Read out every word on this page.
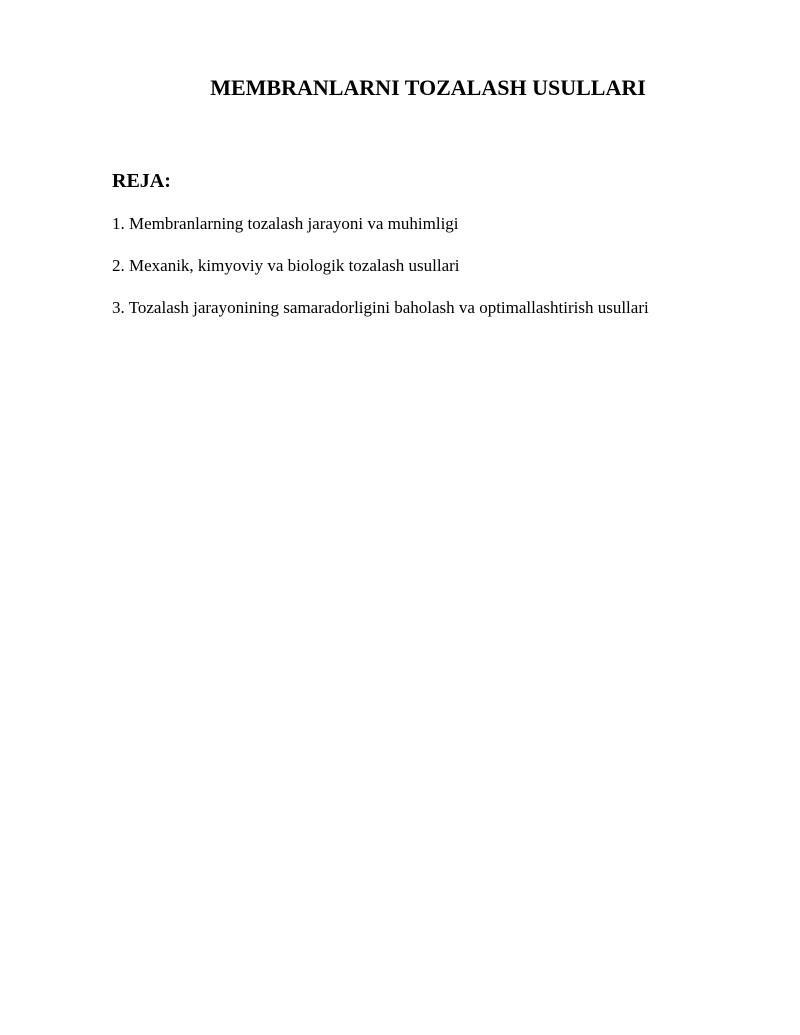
MEMBRANLARNI TOZALASH USULLARI
REJA:
1. Membranlarning tozalash jarayoni va muhimligi
2. Mexanik, kimyoviy va biologik tozalash usullari
3. Tozalash jarayonining samaradorligini baholash va optimallashtirish usullari
